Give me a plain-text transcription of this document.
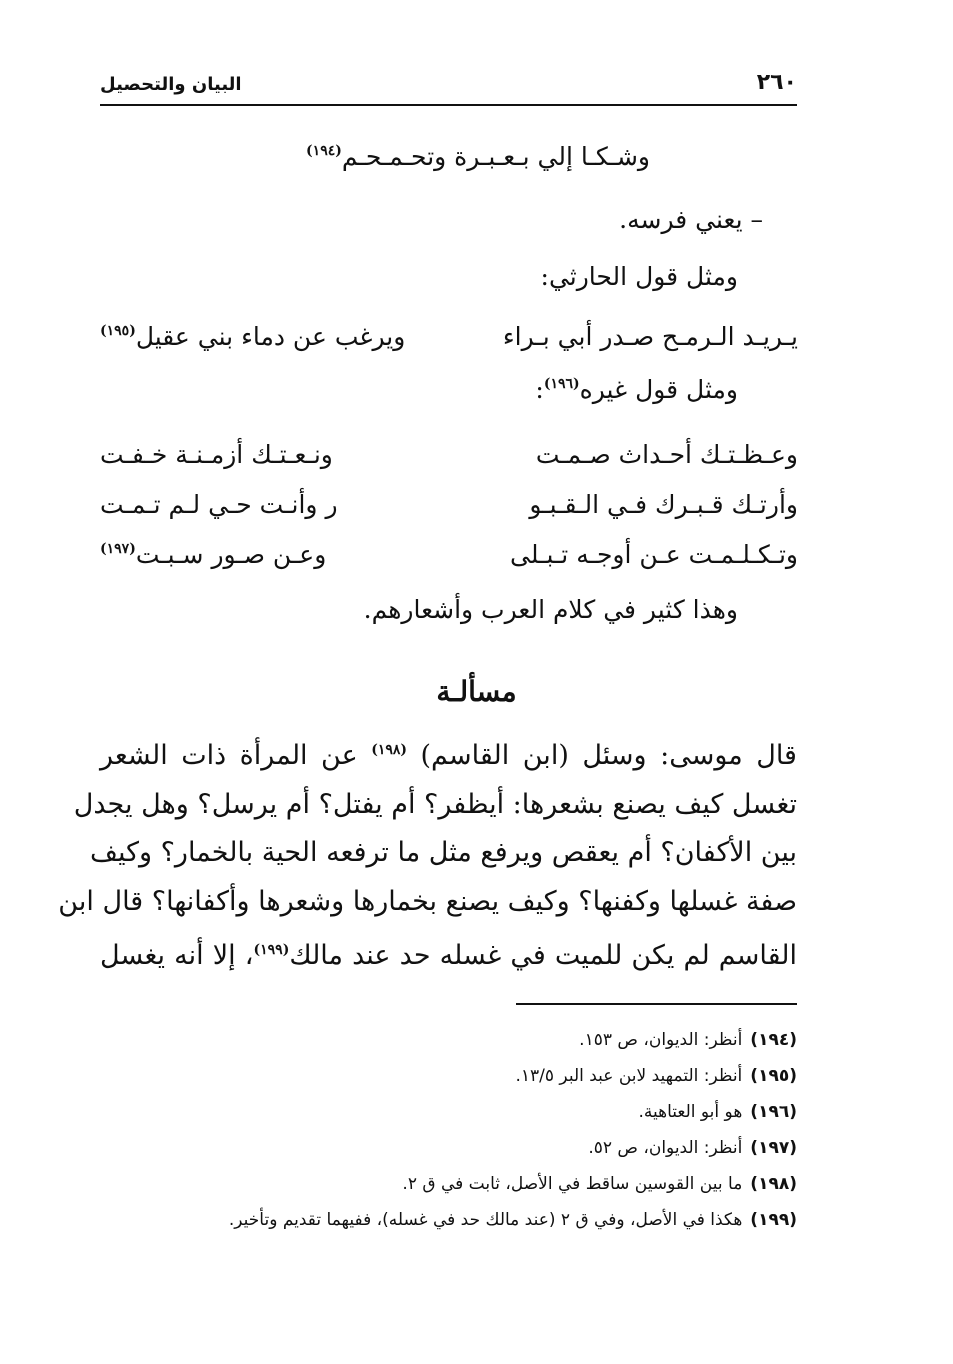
٢٦٠
البيان والتحصيل
وشـكـا إلي بـعـبـرة وتحـمـحـم$^{(١٩٤)}$
– يعني فرسه.
ومثل قول الحارثي:
يـريـد الـرمـح صـدر أبي بـراء
ويرغب عن دماء بني عقيل$^{(١٩٥)}$
ومثل قول غيره$^{(١٩٦)}$:
وعـظـتـك أحـداث صـمـت
ونـعـتـك أزمـنـة خـفـت
وأرتـك قـبـرك فـي الـقـبـو
ر وأنـت حـي لـم تـمـت
وتـكـلـمـت عـن أوجـه تـبـلى
وعـن صـور سـبـت$^{(١٩٧)}$
وهذا كثير في كلام العرب وأشعارهم.
مسألـة
قال موسى: وسئل (ابن القاسم) $^{(١٩٨)}$ عن المرأة ذات الشعر
تغسل كيف يصنع بشعرها: أيظفر؟ أم يفتل؟ أم يرسل؟ وهل يجدل
بين الأكفان؟ أم يعقص ويرفع مثل ما ترفعه الحية بالخمار؟ وكيف
صفة غسلها وكفنها؟ وكيف يصنع بخمارها وشعرها وأكفانها؟ قال ابن
القاسم لم يكن للميت في غسله حد عند مالك$^{(١٩٩)}$، إلا أنه يغسل
(١٩٤)أنظر: الديوان، ص ١٥٣.
(١٩٥)أنظر: التمهيد لابن عبد البر ١٣/٥.
(١٩٦)هو أبو العتاهية.
(١٩٧)أنظر: الديوان، ص ٥٢.
(١٩٨)ما بين القوسين ساقط في الأصل، ثابت في ق ٢.
(١٩٩)هكذا في الأصل، وفي ق ٢ (عند مالك حد في غسله)، ففيهما تقديم وتأخير.
